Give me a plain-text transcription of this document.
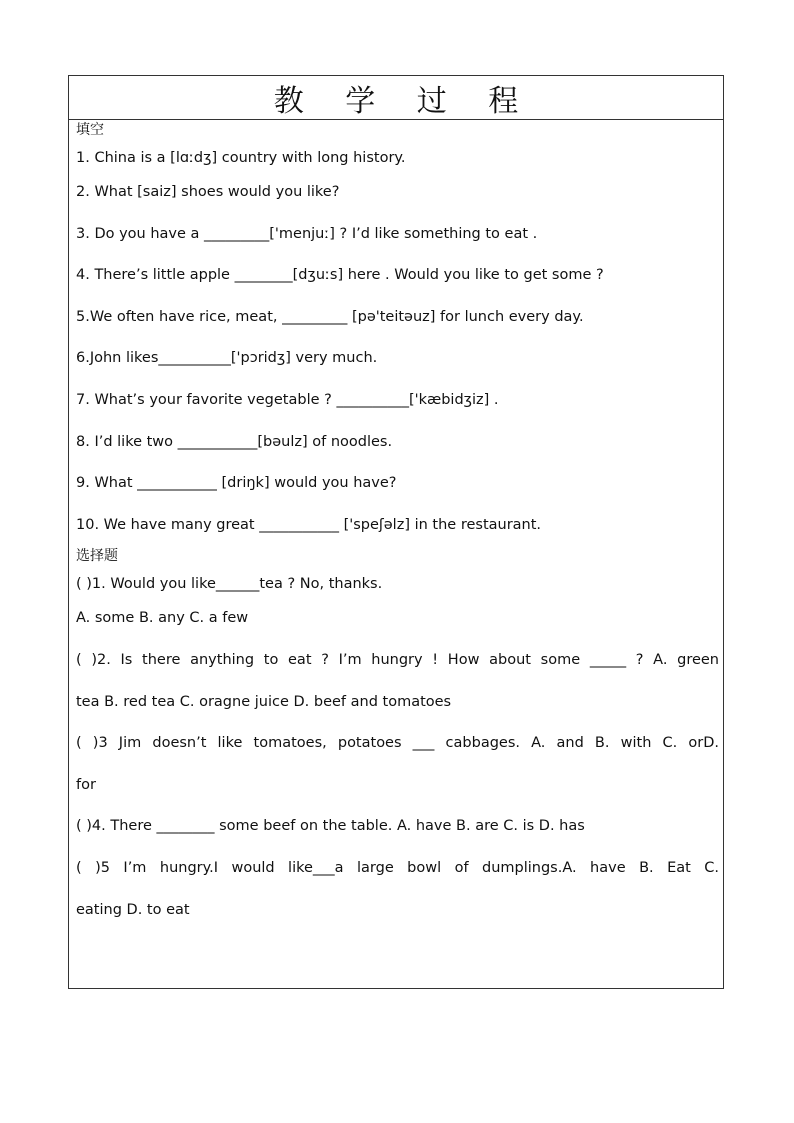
教 学 过 程
填空
1. China is a [lɑːdʒ] country with long history.
2. What [saiz] shoes would you like?
3. Do you have a _________['menjuː] ? I’d like something to eat .
4. There’s little apple ________[dʒuːs] here . Would you like to get some ?
5.We often have rice, meat, _________ [pə'teitəuz] for lunch every day.
6.John likes__________['pɔridʒ] very much.
7. What’s your favorite vegetable ? __________['kæbidʒiz] .
8. I’d like two ___________[bəulz] of noodles.
9. What ___________ [driŋk] would you have?
10. We have many great ___________ ['speʃəlz] in the restaurant.
选择题
( )1. Would you like______tea ? No, thanks.
A. some B. any C. a few
( )2. Is there anything to eat ? I’m hungry ! How about some _____ ? A. green
tea B. red tea C. oragne juice D. beef and tomatoes
( )3 Jim doesn’t like tomatoes, potatoes ___ cabbages. A. and B. with C. orD.
for
( )4. There ________ some beef on the table. A. have B. are C. is D. has
( )5 I’m hungry.I would like___a large bowl of dumplings.A. have B. Eat C.
eating D. to eat
